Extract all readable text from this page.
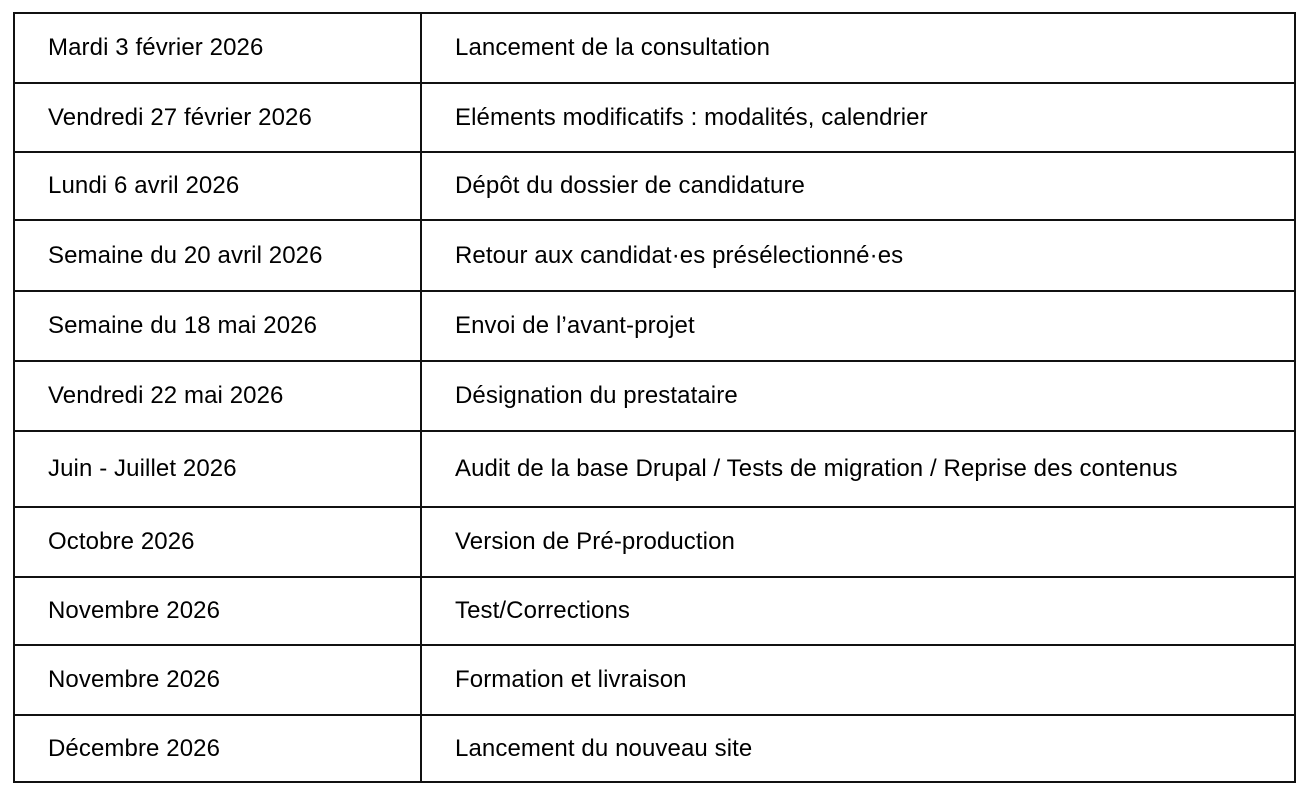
Mardi 3 février 2026	Lancement de la consultation
Vendredi 27 février 2026	Eléments modificatifs : modalités, calendrier
Lundi 6 avril 2026	Dépôt du dossier de candidature
Semaine du 20 avril 2026	Retour aux candidat·es présélectionné·es
Semaine du 18 mai 2026	Envoi de l’avant-projet
Vendredi 22 mai 2026	Désignation du prestataire
Juin - Juillet 2026	Audit de la base Drupal / Tests de migration / Reprise des contenus
Octobre 2026	Version de Pré-production
Novembre 2026	Test/Corrections
Novembre 2026	Formation et livraison
Décembre 2026	Lancement du nouveau site
